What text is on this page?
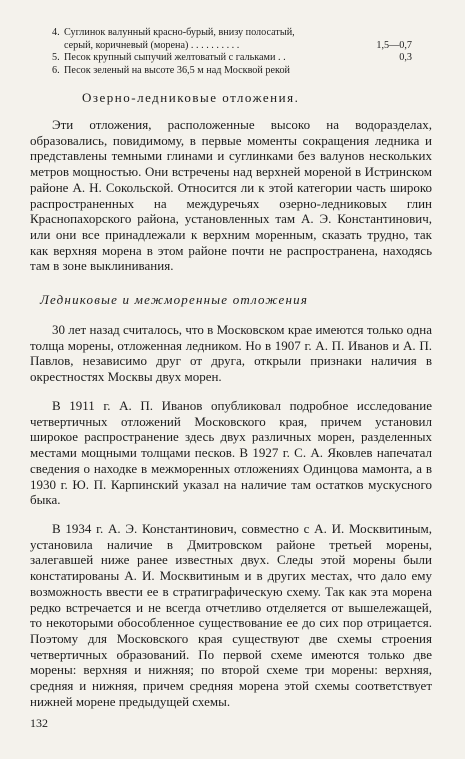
4. Суглинок валунный красно-бурый, внизу полосатый,
серый, коричневый (морена) . . . . . . . . . .	1,5—0,7
5. Песок крупный сыпучий желтоватый с гальками . .	0,3
6. Песок зеленый на высоте 36,5 м над Москвой рекой
Озерно-ледниковые отложения.

Эти отложения, расположенные высоко на водоразделах, образовались, повидимому, в первые моменты сокращения ледника и представлены темными глинами и суглинками без валунов нескольких метров мощностью. Они встречены над верхней мореной в Истринском районе А. Н. Сокольской. Относится ли к этой категории часть широко распространенных на междуречьях озерно-ледниковых глин Краснопахорского района, установленных там А. Э. Константинович, или они все принадлежали к верхним моренным, сказать трудно, так как верхняя морена в этом районе почти не распространена, находясь там в зоне выклинивания.

Ледниковые и межморенные отложения

30 лет назад считалось, что в Московском крае имеются только одна толща морены, отложенная ледником. Но в 1907 г. А. П. Иванов и А. П. Павлов, независимо друг от друга, открыли признаки наличия в окрестностях Москвы двух морен.

В 1911 г. А. П. Иванов опубликовал подробное исследование четвертичных отложений Московского края, причем установил широкое распространение здесь двух различных морен, разделенных местами мощными толщами песков. В 1927 г. С. А. Яковлев напечатал сведения о находке в межморенных отложениях Одинцова мамонта, а в 1930 г. Ю. П. Карпинский указал на наличие там остатков мускусного быка.

В 1934 г. А. Э. Константинович, совместно с А. И. Москвитиным, установила наличие в Дмитровском районе третьей морены, залегавшей ниже ранее известных двух. Следы этой морены были констатированы А. И. Москвитиным и в других местах, что дало ему возможность ввести ее в стратиграфическую схему. Так как эта морена редко встречается и не всегда отчетливо отделяется от вышележащей, то некоторыми обособленное существование ее до сих пор отрицается. Поэтому для Московского края существуют две схемы строения четвертичных образований. По первой схеме имеются только две морены: верхняя и нижняя; по второй схеме три морены: верхняя, средняя и нижняя, причем средняя морена этой схемы соответствует нижней морене предыдущей схемы.

132
